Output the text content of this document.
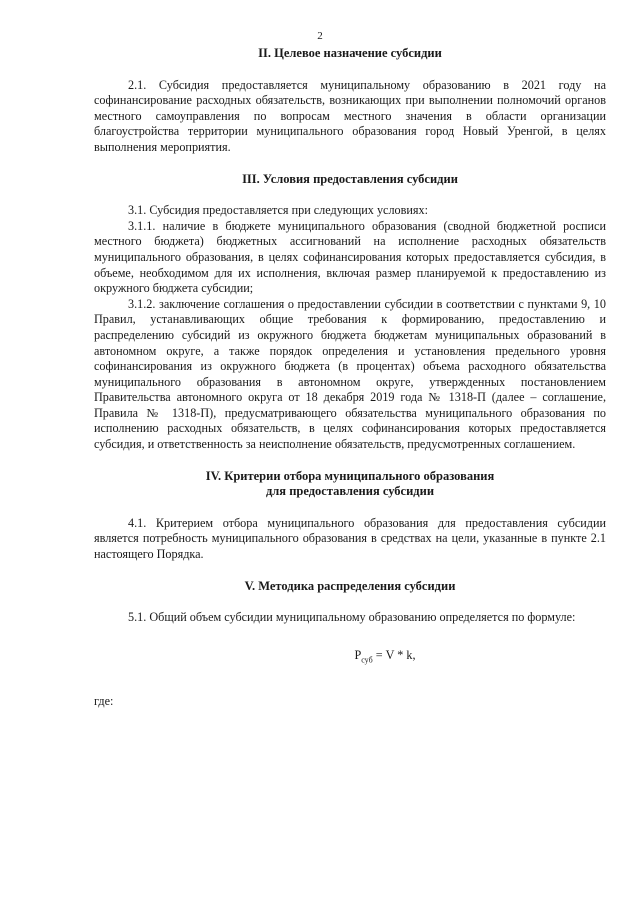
2
II. Целевое назначение субсидии

2.1. Субсидия предоставляется муниципальному образованию в 2021 году на софинансирование расходных обязательств, возникающих при выполнении полномочий органов местного самоуправления по вопросам местного значения в области организации благоустройства территории муниципального образования город Новый Уренгой, в целях выполнения мероприятия.

III. Условия предоставления субсидии

3.1. Субсидия предоставляется при следующих условиях:

3.1.1. наличие в бюджете муниципального образования (сводной бюджетной росписи местного бюджета) бюджетных ассигнований на исполнение расходных обязательств муниципального образования, в целях софинансирования которых предоставляется субсидия, в объеме, необходимом для их исполнения, включая размер планируемой к предоставлению из окружного бюджета субсидии;

3.1.2. заключение соглашения о предоставлении субсидии в соответствии с пунктами 9, 10 Правил, устанавливающих общие требования к формированию, предоставлению и распределению субсидий из окружного бюджета бюджетам муниципальных образований в автономном округе, а также порядок определения и установления предельного уровня софинансирования из окружного бюджета (в процентах) объема расходного обязательства муниципального образования в автономном округе, утвержденных постановлением Правительства автономного округа от 18 декабря 2019 года № 1318-П (далее – соглашение, Правила № 1318-П), предусматривающего обязательства муниципального образования по исполнению расходных обязательств, в целях софинансирования которых предоставляется субсидия, и ответственность за неисполнение обязательств, предусмотренных соглашением.

IV. Критерии отбора муниципального образования
для предоставления субсидии

4.1. Критерием отбора муниципального образования для предоставления субсидии является потребность муниципального образования в средствах на цели, указанные в пункте 2.1 настоящего Порядка.

V. Методика распределения субсидии

5.1. Общий объем субсидии муниципальному образованию определяется по формуле:

$P_{суб} = V * k$,

где:
